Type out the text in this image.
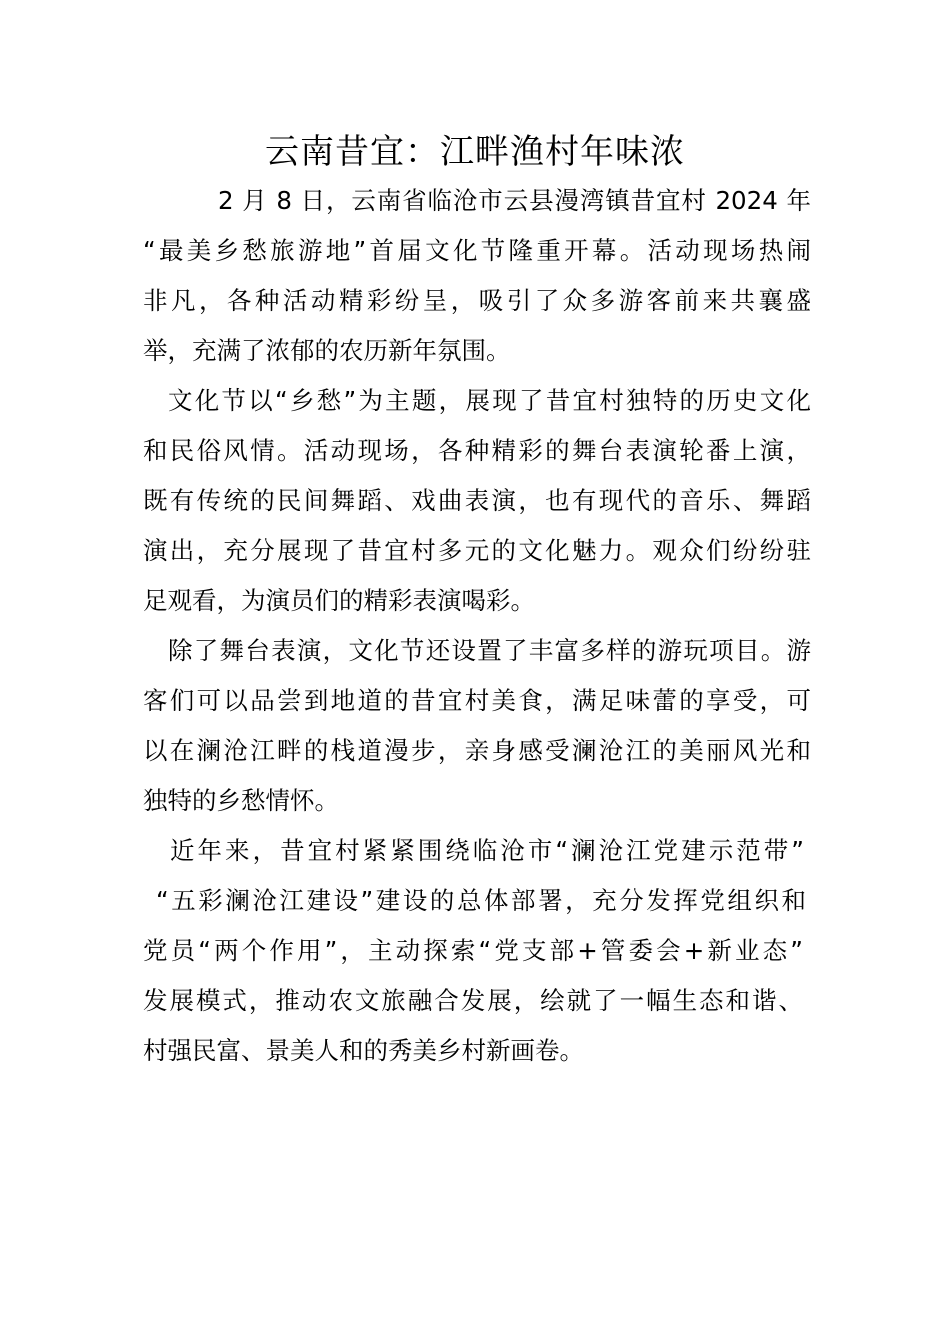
云南昔宜：江畔渔村年味浓

2 月 8 日，云南省临沧市云县漫湾镇昔宜村 2024 年

“最美乡愁旅游地”首届文化节隆重开幕。活动现场热闹

非凡，各种活动精彩纷呈，吸引了众多游客前来共襄盛

举，充满了浓郁的农历新年氛围。

文化节以“乡愁”为主题，展现了昔宜村独特的历史文化

和民俗风情。活动现场，各种精彩的舞台表演轮番上演，

既有传统的民间舞蹈、戏曲表演，也有现代的音乐、舞蹈

演出，充分展现了昔宜村多元的文化魅力。观众们纷纷驻

足观看，为演员们的精彩表演喝彩。

除了舞台表演，文化节还设置了丰富多样的游玩项目。游

客们可以品尝到地道的昔宜村美食，满足味蕾的享受，可

以在澜沧江畔的栈道漫步，亲身感受澜沧江的美丽风光和

独特的乡愁情怀。

近年来，昔宜村紧紧围绕临沧市“澜沧江党建示范带”

“五彩澜沧江建设”建设的总体部署，充分发挥党组织和

党员“两个作用”，主动探索“党支部+管委会+新业态”

发展模式，推动农文旅融合发展，绘就了一幅生态和谐、

村强民富、景美人和的秀美乡村新画卷。
